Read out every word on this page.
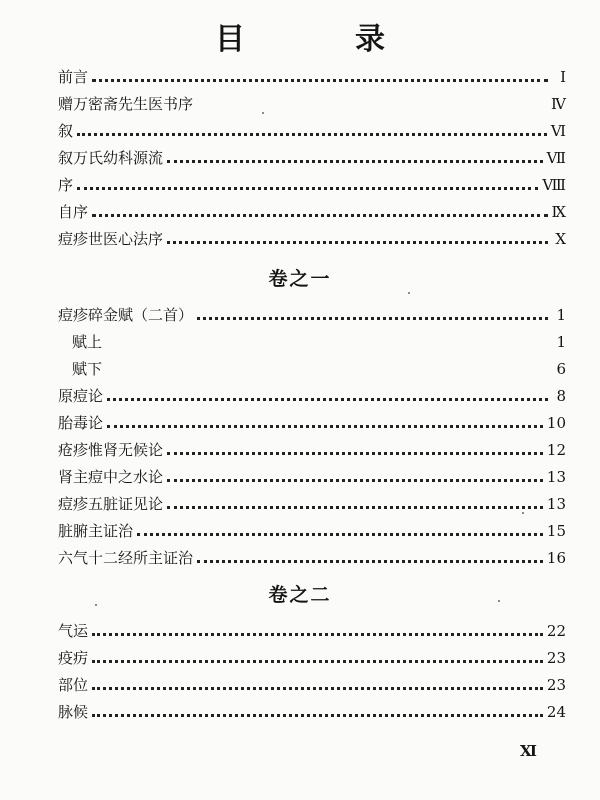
目　录
前言	Ⅰ
赠万密斋先生医书序	Ⅳ
叙	Ⅵ
叙万氏幼科源流	Ⅶ
序	Ⅷ
自序	Ⅸ
痘疹世医心法序	Ⅹ
卷之一
痘疹碎金赋（二首）	1
赋上	1
赋下	6
原痘论	8
胎毒论	10
疮疹惟肾无候论	12
肾主痘中之水论	13
痘疹五脏证见论	13
脏腑主证治	15
六气十二经所主证治	16
卷之二
气运	22
疫疠	23
部位	23
脉候	24
Ⅺ
